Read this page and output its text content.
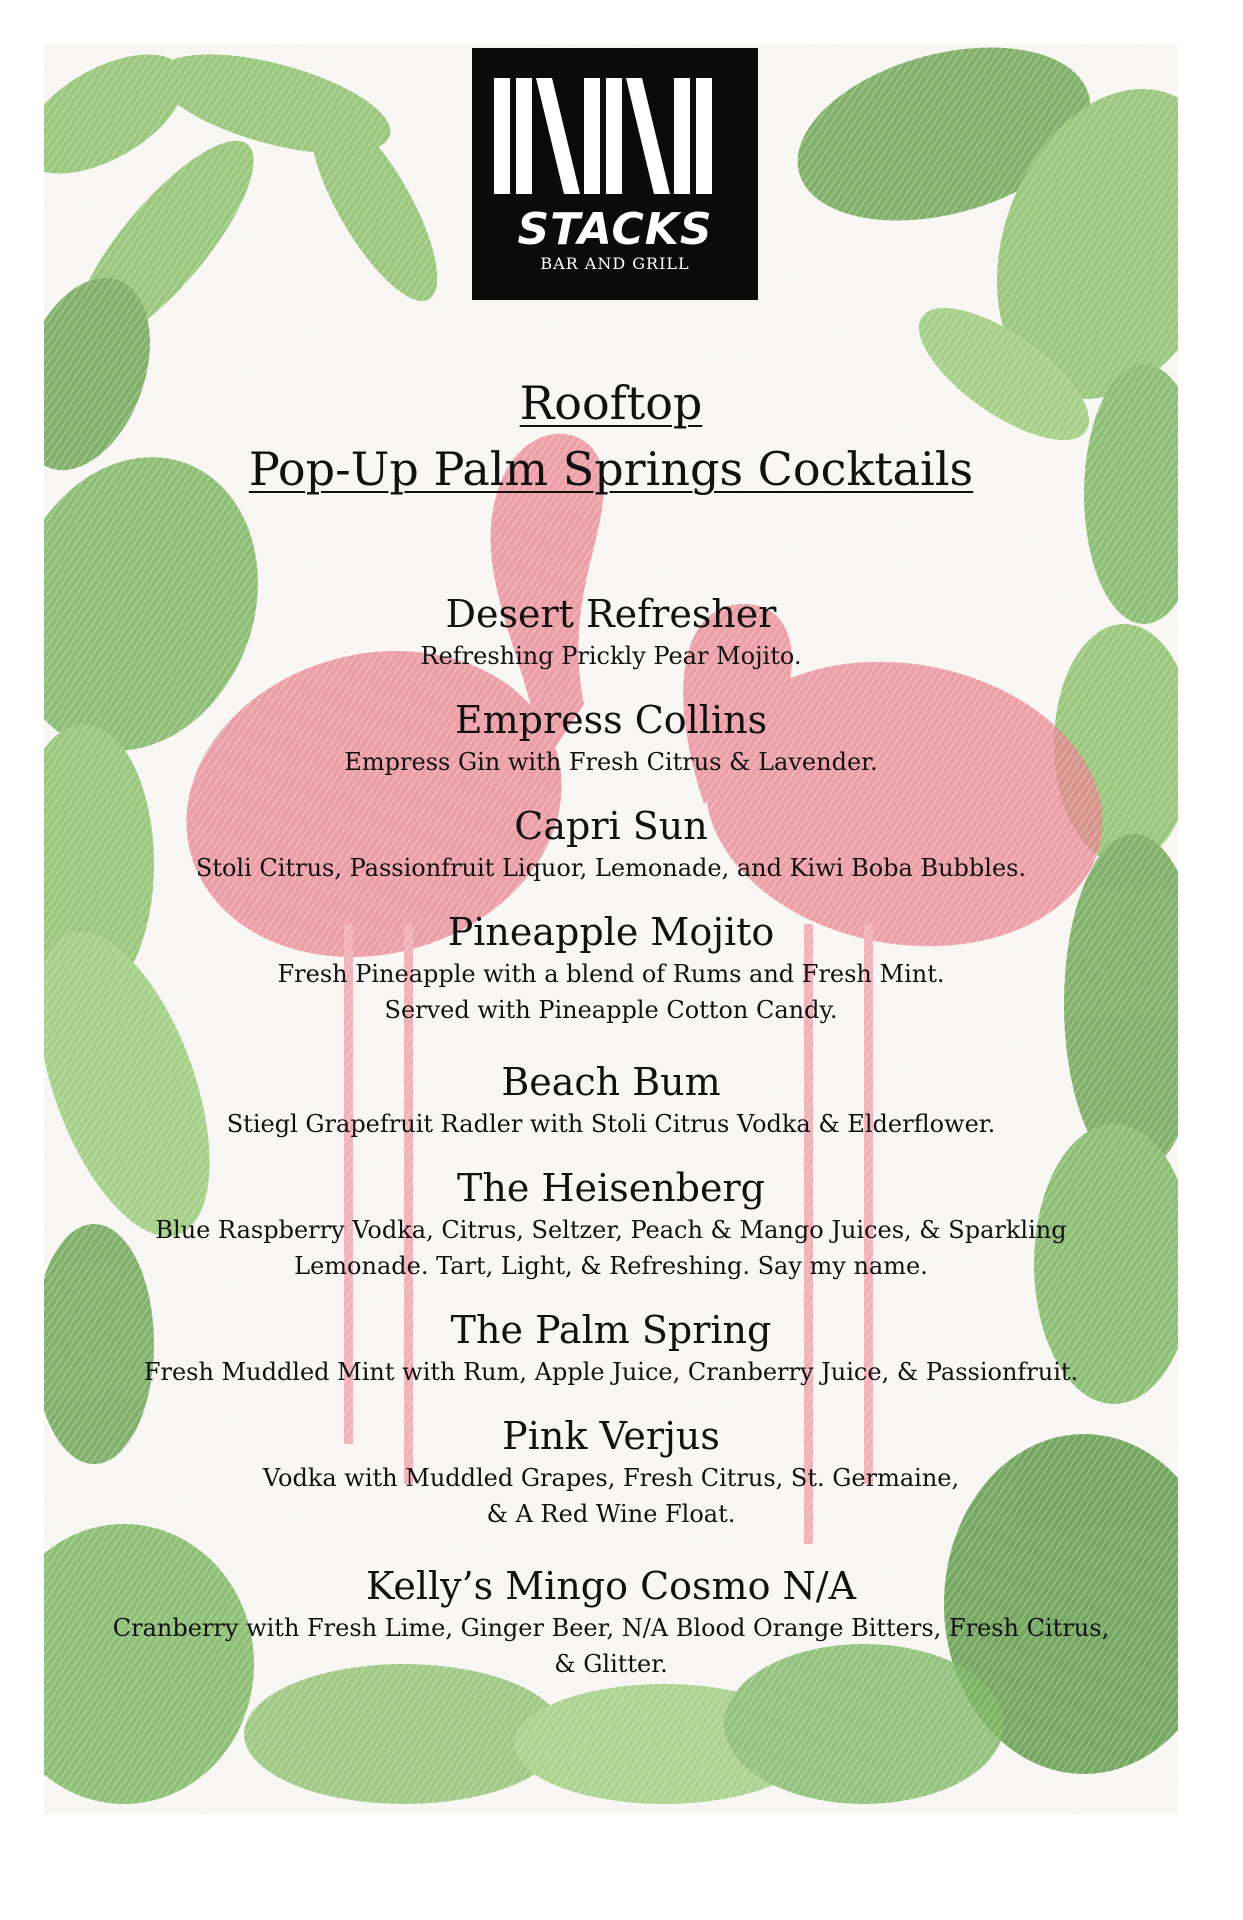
STACKS
BAR AND GRILL
Rooftop
Pop-Up Palm Springs Cocktails
Desert Refresher
Refreshing Prickly Pear Mojito.
Empress Collins
Empress Gin with Fresh Citrus & Lavender.
Capri Sun
Stoli Citrus, Passionfruit Liquor, Lemonade, and Kiwi Boba Bubbles.
Pineapple Mojito
Fresh Pineapple with a blend of Rums and Fresh Mint.
Served with Pineapple Cotton Candy.
Beach Bum
Stiegl Grapefruit Radler with Stoli Citrus Vodka & Elderflower.
The Heisenberg
Blue Raspberry Vodka, Citrus, Seltzer, Peach & Mango Juices, & Sparkling
Lemonade. Tart, Light, & Refreshing. Say my name.
The Palm Spring
Fresh Muddled Mint with Rum, Apple Juice, Cranberry Juice, & Passionfruit.
Pink Verjus
Vodka with Muddled Grapes, Fresh Citrus, St. Germaine,
& A Red Wine Float.
Kelly’s Mingo Cosmo N/A
Cranberry with Fresh Lime, Ginger Beer, N/A Blood Orange Bitters, Fresh Citrus,
& Glitter.
